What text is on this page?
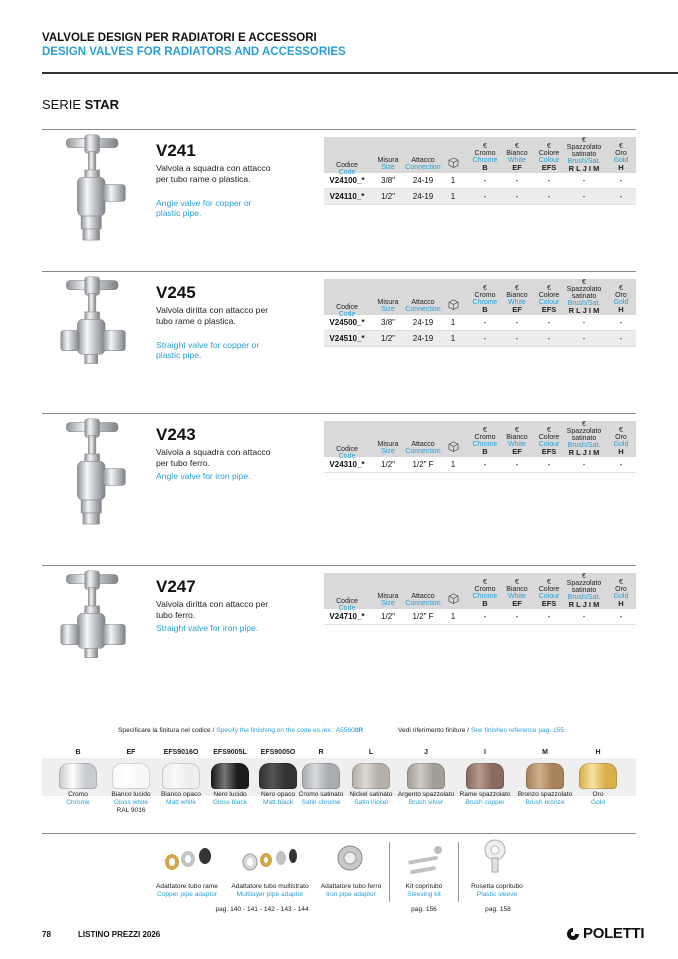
VALVOLE DESIGN PER RADIATORI E ACCESSORI
DESIGN VALVES FOR RADIATORS AND ACCESSORIES
SERIE STAR
V241
Valvola a squadra con attacco per tubo rame o plastica.
Angle valve for copper or plastic pipe.
Codice
Code
Misura
Size
Attacco
Connection
€
Cromo
Chrome
B
€
Bianco
White
EF
€
Colore
Colour
EFS
€
Spazzolato
satinato
Brush/Sat.
R L J I M
€
Oro
Gold
H
V24100_*	3/8"	24-19	1	-	-	-	-	-
V24110_*	1/2"	24-19	1	-	-	-	-	-
V245
Valvola diritta con attacco per tubo rame o plastica.
Straight valve for copper or plastic pipe.
Codice
Code
Misura
Size
Attacco
Connection
€
Cromo
Chrome
B
€
Bianco
White
EF
€
Colore
Colour
EFS
€
Spazzolato
satinato
Brush/Sat.
R L J I M
€
Oro
Gold
H
V24500_*	3/8"	24-19	1	-	-	-	-	-
V24510_*	1/2"	24-19	1	-	-	-	-	-
V243
Valvola a squadra con attacco per tubo ferro.
Angle valve for iron pipe.
Codice
Code
Misura
Size
Attacco
Connection
€
Cromo
Chrome
B
€
Bianco
White
EF
€
Colore
Colour
EFS
€
Spazzolato
satinato
Brush/Sat.
R L J I M
€
Oro
Gold
H
V24310_*	1/2"	1/2" F	1	-	-	-	-	-
V247
Valvola diritta con attacco per tubo ferro.
Straight valve for iron pipe.
Codice
Code
Misura
Size
Attacco
Connection
€
Cromo
Chrome
B
€
Bianco
White
EF
€
Colore
Colour
EFS
€
Spazzolato
satinato
Brush/Sat.
R L J I M
€
Oro
Gold
H
V24710_*	1/2"	1/2" F	1	-	-	-	-	-
Specificare la finitura nel codice / Specify the finishing on the code es./ex.: A55600R	Vedi riferimento finiture / See finishes reference pag. 155
B
Cromo
Chrome
EF
Bianco lucido
Gloss white
RAL 9016
EFS9016O
Bianco opaco
Matt white
EFS9005L
Nero lucido
Gloss black
EFS9005O
Nero opaco
Matt black
R
Cromo satinato
Satin chrome
L
Nickel satinato
Satin nickel
J
Argento spazzolato
Brush silver
I
Rame spazzolato
Brush copper
M
Bronzo spazzolato
Brush bronze
H
Oro
Gold
Adattatore tubo rame
Copper pipe adaptor
Adattatore tubo multistrato
Multilayer pipe adaptor
Adattatore tubo ferro
Iron pipe adaptor
Kit copritubo
Sleeving kit
Rosetta copritubo
Plastic sleeve
pag. 140 - 141 - 142 - 143 - 144	pag. 156	pag. 158
78	LISTINO PREZZI 2026	POLETTI
